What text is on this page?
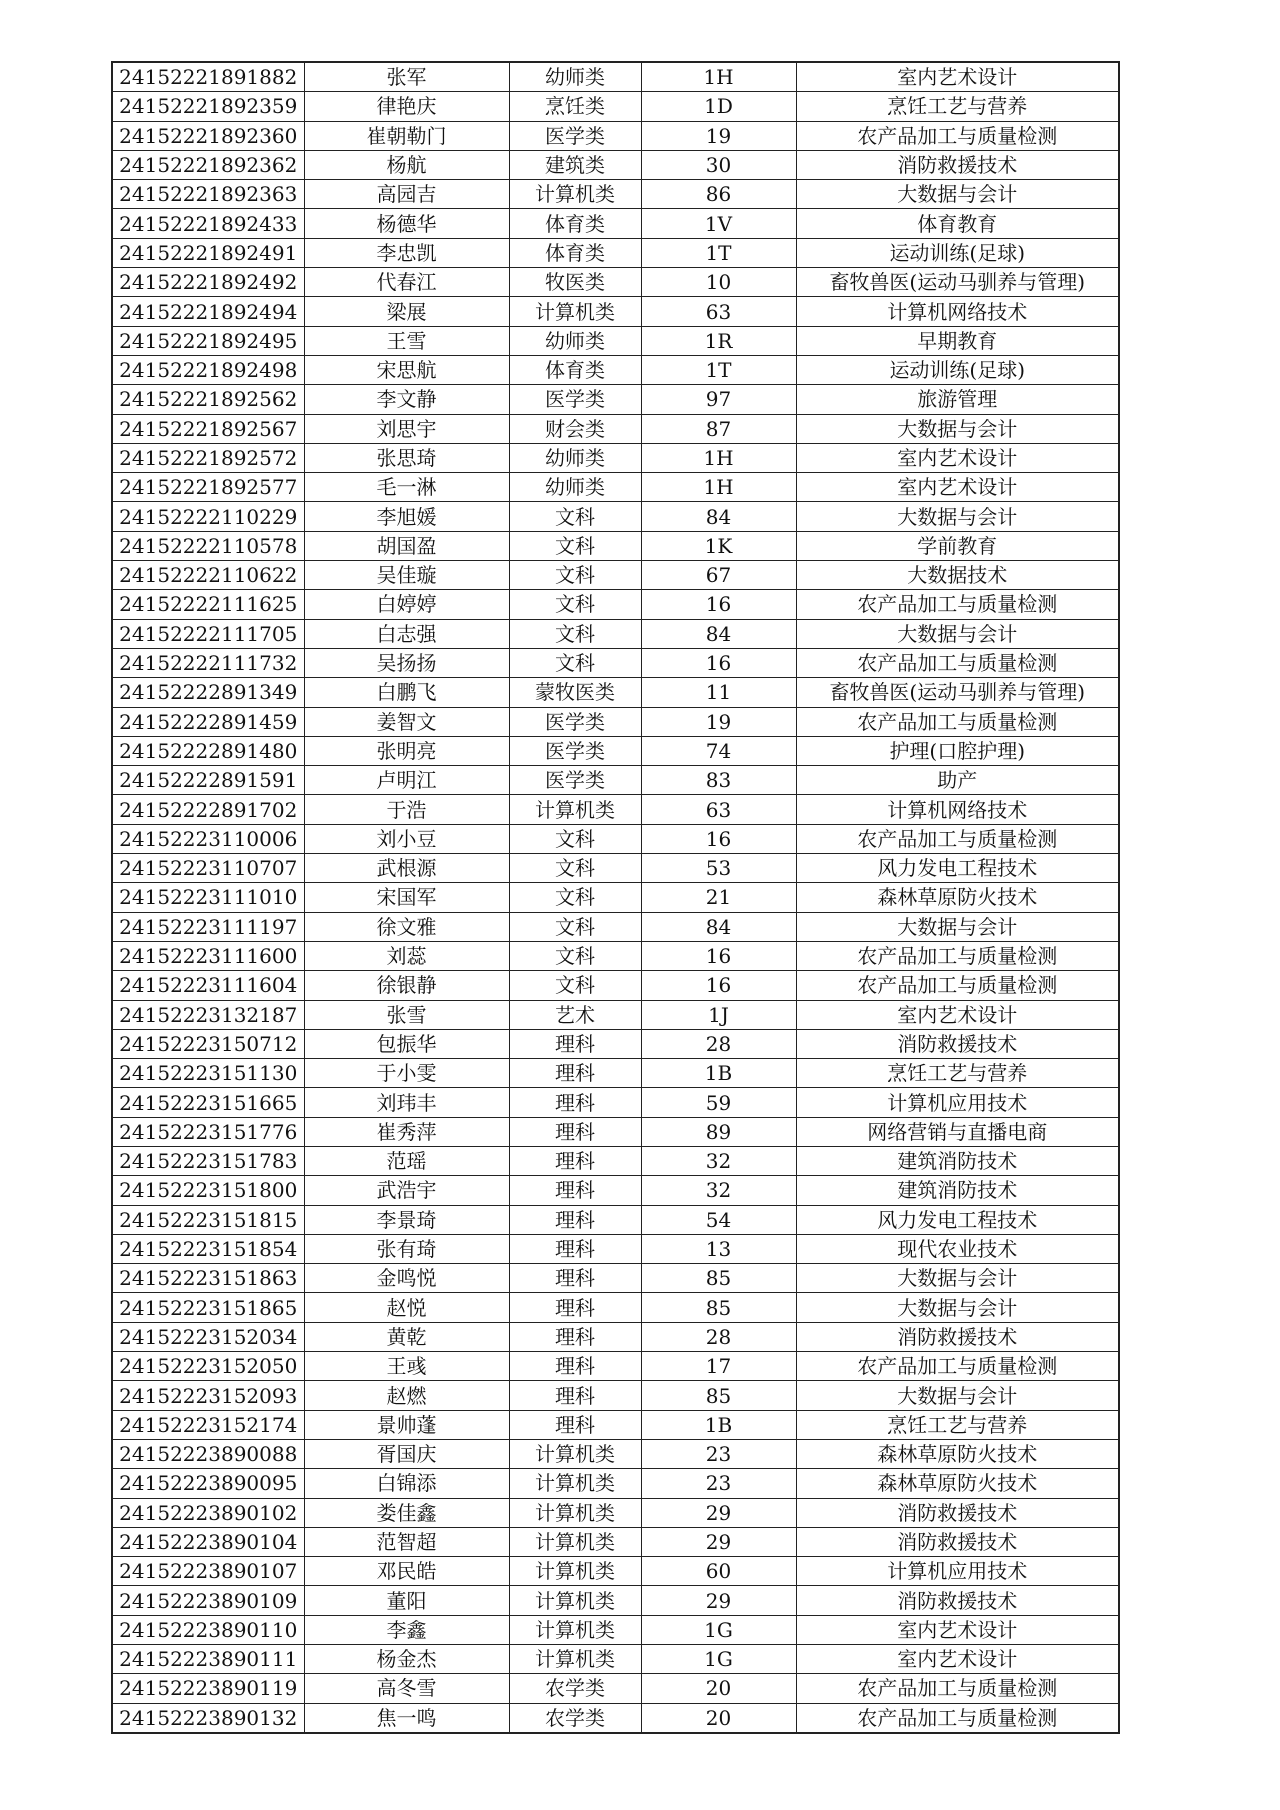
24152221891882	张军	幼师类	1H	室内艺术设计
24152221892359	律艳庆	烹饪类	1D	烹饪工艺与营养
24152221892360	崔朝勒门	医学类	19	农产品加工与质量检测
24152221892362	杨航	建筑类	30	消防救援技术
24152221892363	高园吉	计算机类	86	大数据与会计
24152221892433	杨德华	体育类	1V	体育教育
24152221892491	李忠凯	体育类	1T	运动训练(足球)
24152221892492	代春江	牧医类	10	畜牧兽医(运动马驯养与管理)
24152221892494	梁展	计算机类	63	计算机网络技术
24152221892495	王雪	幼师类	1R	早期教育
24152221892498	宋思航	体育类	1T	运动训练(足球)
24152221892562	李文静	医学类	97	旅游管理
24152221892567	刘思宇	财会类	87	大数据与会计
24152221892572	张思琦	幼师类	1H	室内艺术设计
24152221892577	毛一淋	幼师类	1H	室内艺术设计
24152222110229	李旭媛	文科	84	大数据与会计
24152222110578	胡国盈	文科	1K	学前教育
24152222110622	吴佳璇	文科	67	大数据技术
24152222111625	白婷婷	文科	16	农产品加工与质量检测
24152222111705	白志强	文科	84	大数据与会计
24152222111732	吴扬扬	文科	16	农产品加工与质量检测
24152222891349	白鹏飞	蒙牧医类	11	畜牧兽医(运动马驯养与管理)
24152222891459	姜智文	医学类	19	农产品加工与质量检测
24152222891480	张明亮	医学类	74	护理(口腔护理)
24152222891591	卢明江	医学类	83	助产
24152222891702	于浩	计算机类	63	计算机网络技术
24152223110006	刘小豆	文科	16	农产品加工与质量检测
24152223110707	武根源	文科	53	风力发电工程技术
24152223111010	宋国军	文科	21	森林草原防火技术
24152223111197	徐文雅	文科	84	大数据与会计
24152223111600	刘蕊	文科	16	农产品加工与质量检测
24152223111604	徐银静	文科	16	农产品加工与质量检测
24152223132187	张雪	艺术	1J	室内艺术设计
24152223150712	包振华	理科	28	消防救援技术
24152223151130	于小雯	理科	1B	烹饪工艺与营养
24152223151665	刘玮丰	理科	59	计算机应用技术
24152223151776	崔秀萍	理科	89	网络营销与直播电商
24152223151783	范瑶	理科	32	建筑消防技术
24152223151800	武浩宇	理科	32	建筑消防技术
24152223151815	李景琦	理科	54	风力发电工程技术
24152223151854	张有琦	理科	13	现代农业技术
24152223151863	金鸣悦	理科	85	大数据与会计
24152223151865	赵悦	理科	85	大数据与会计
24152223152034	黄乾	理科	28	消防救援技术
24152223152050	王彧	理科	17	农产品加工与质量检测
24152223152093	赵燃	理科	85	大数据与会计
24152223152174	景帅蓬	理科	1B	烹饪工艺与营养
24152223890088	胥国庆	计算机类	23	森林草原防火技术
24152223890095	白锦添	计算机类	23	森林草原防火技术
24152223890102	娄佳鑫	计算机类	29	消防救援技术
24152223890104	范智超	计算机类	29	消防救援技术
24152223890107	邓民皓	计算机类	60	计算机应用技术
24152223890109	董阳	计算机类	29	消防救援技术
24152223890110	李鑫	计算机类	1G	室内艺术设计
24152223890111	杨金杰	计算机类	1G	室内艺术设计
24152223890119	高冬雪	农学类	20	农产品加工与质量检测
24152223890132	焦一鸣	农学类	20	农产品加工与质量检测
